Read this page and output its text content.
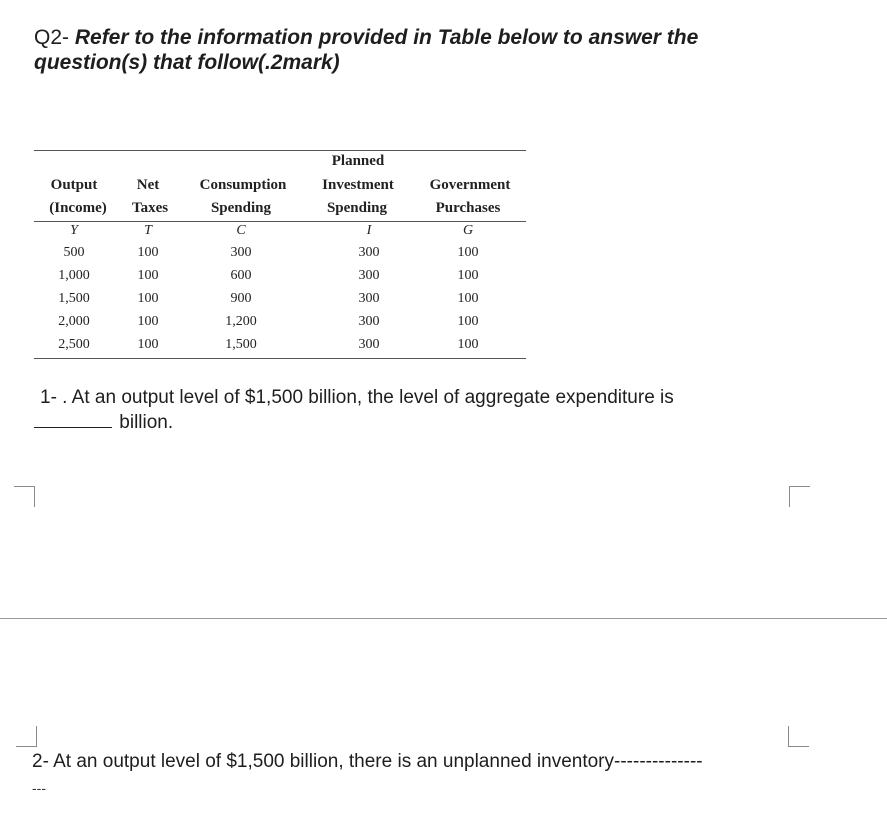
Q2- Refer to the information provided in Table below to answer the question(s) that follow(.2mark)
Planned
Output	Net	Consumption	Investment	Government
(Income)	Taxes	Spending	Spending	Purchases
Y	T	C	I	G
500	100	300	300	100
1,000	100	600	300	100
1,500	100	900	300	100
2,000	100	1,200	300	100
2,500	100	1,500	300	100
1- . At an output level of $1,500 billion, the level of aggregate expenditure is
billion.
2- At an output level of $1,500 billion, there is an unplanned inventory--------------
---
